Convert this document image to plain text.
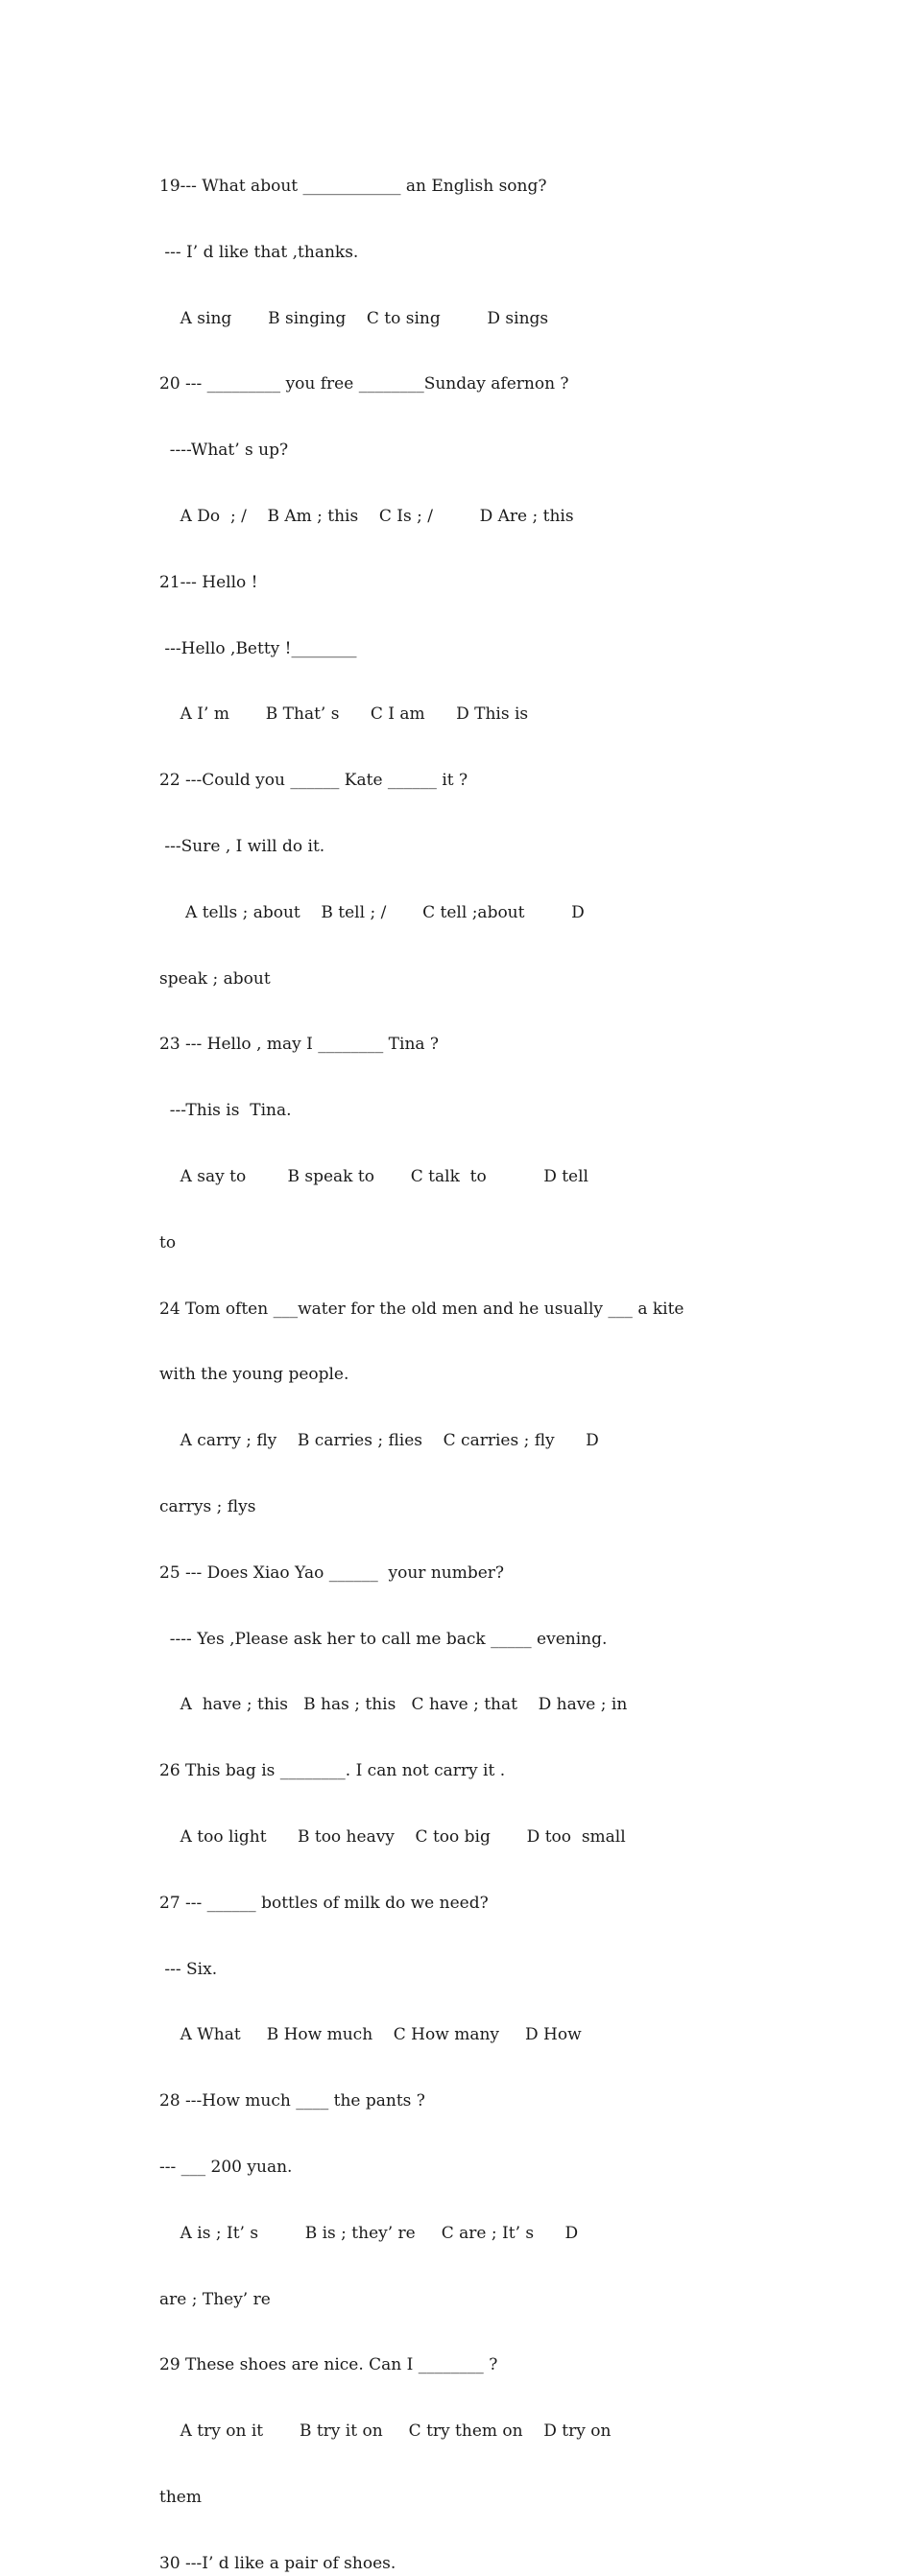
19--- What about ____________ an English song?

--- I’ d like that ,thanks.

A sing       B singing    C to sing         D sings

20 --- _________ you free ________Sunday afernon ?

----What’ s up?

A Do  ; /    B Am ; this    C Is ; /         D Are ; this

21--- Hello !

---Hello ,Betty !________

A I’ m       B That’ s      C I am      D This is

22 ---Could you ______ Kate ______ it ?

---Sure , I will do it.

A tells ; about    B tell ; /       C tell ;about         D

speak ; about

23 --- Hello , may I ________ Tina ?

---This is  Tina.

A say to        B speak to       C talk  to           D tell

to

24 Tom often ___water for the old men and he usually ___ a kite

with the young people.

A carry ; fly    B carries ; flies    C carries ; fly      D

carrys ; flys

25 --- Does Xiao Yao ______  your number?

---- Yes ,Please ask her to call me back _____ evening.

A  have ; this   B has ; this   C have ; that    D have ; in

26 This bag is ________. I can not carry it .

A too light      B too heavy    C too big       D too  small

27 --- ______ bottles of milk do we need?

--- Six.

A What     B How much    C How many     D How

28 ---How much ____ the pants ?

--- ___ 200 yuan.

A is ; It’ s         B is ; they’ re     C are ; It’ s      D

are ; They’ re

29 These shoes are nice. Can I ________ ?

A try on it       B try it on     C try them on    D try on

them

30 ---I’ d like a pair of shoes.
